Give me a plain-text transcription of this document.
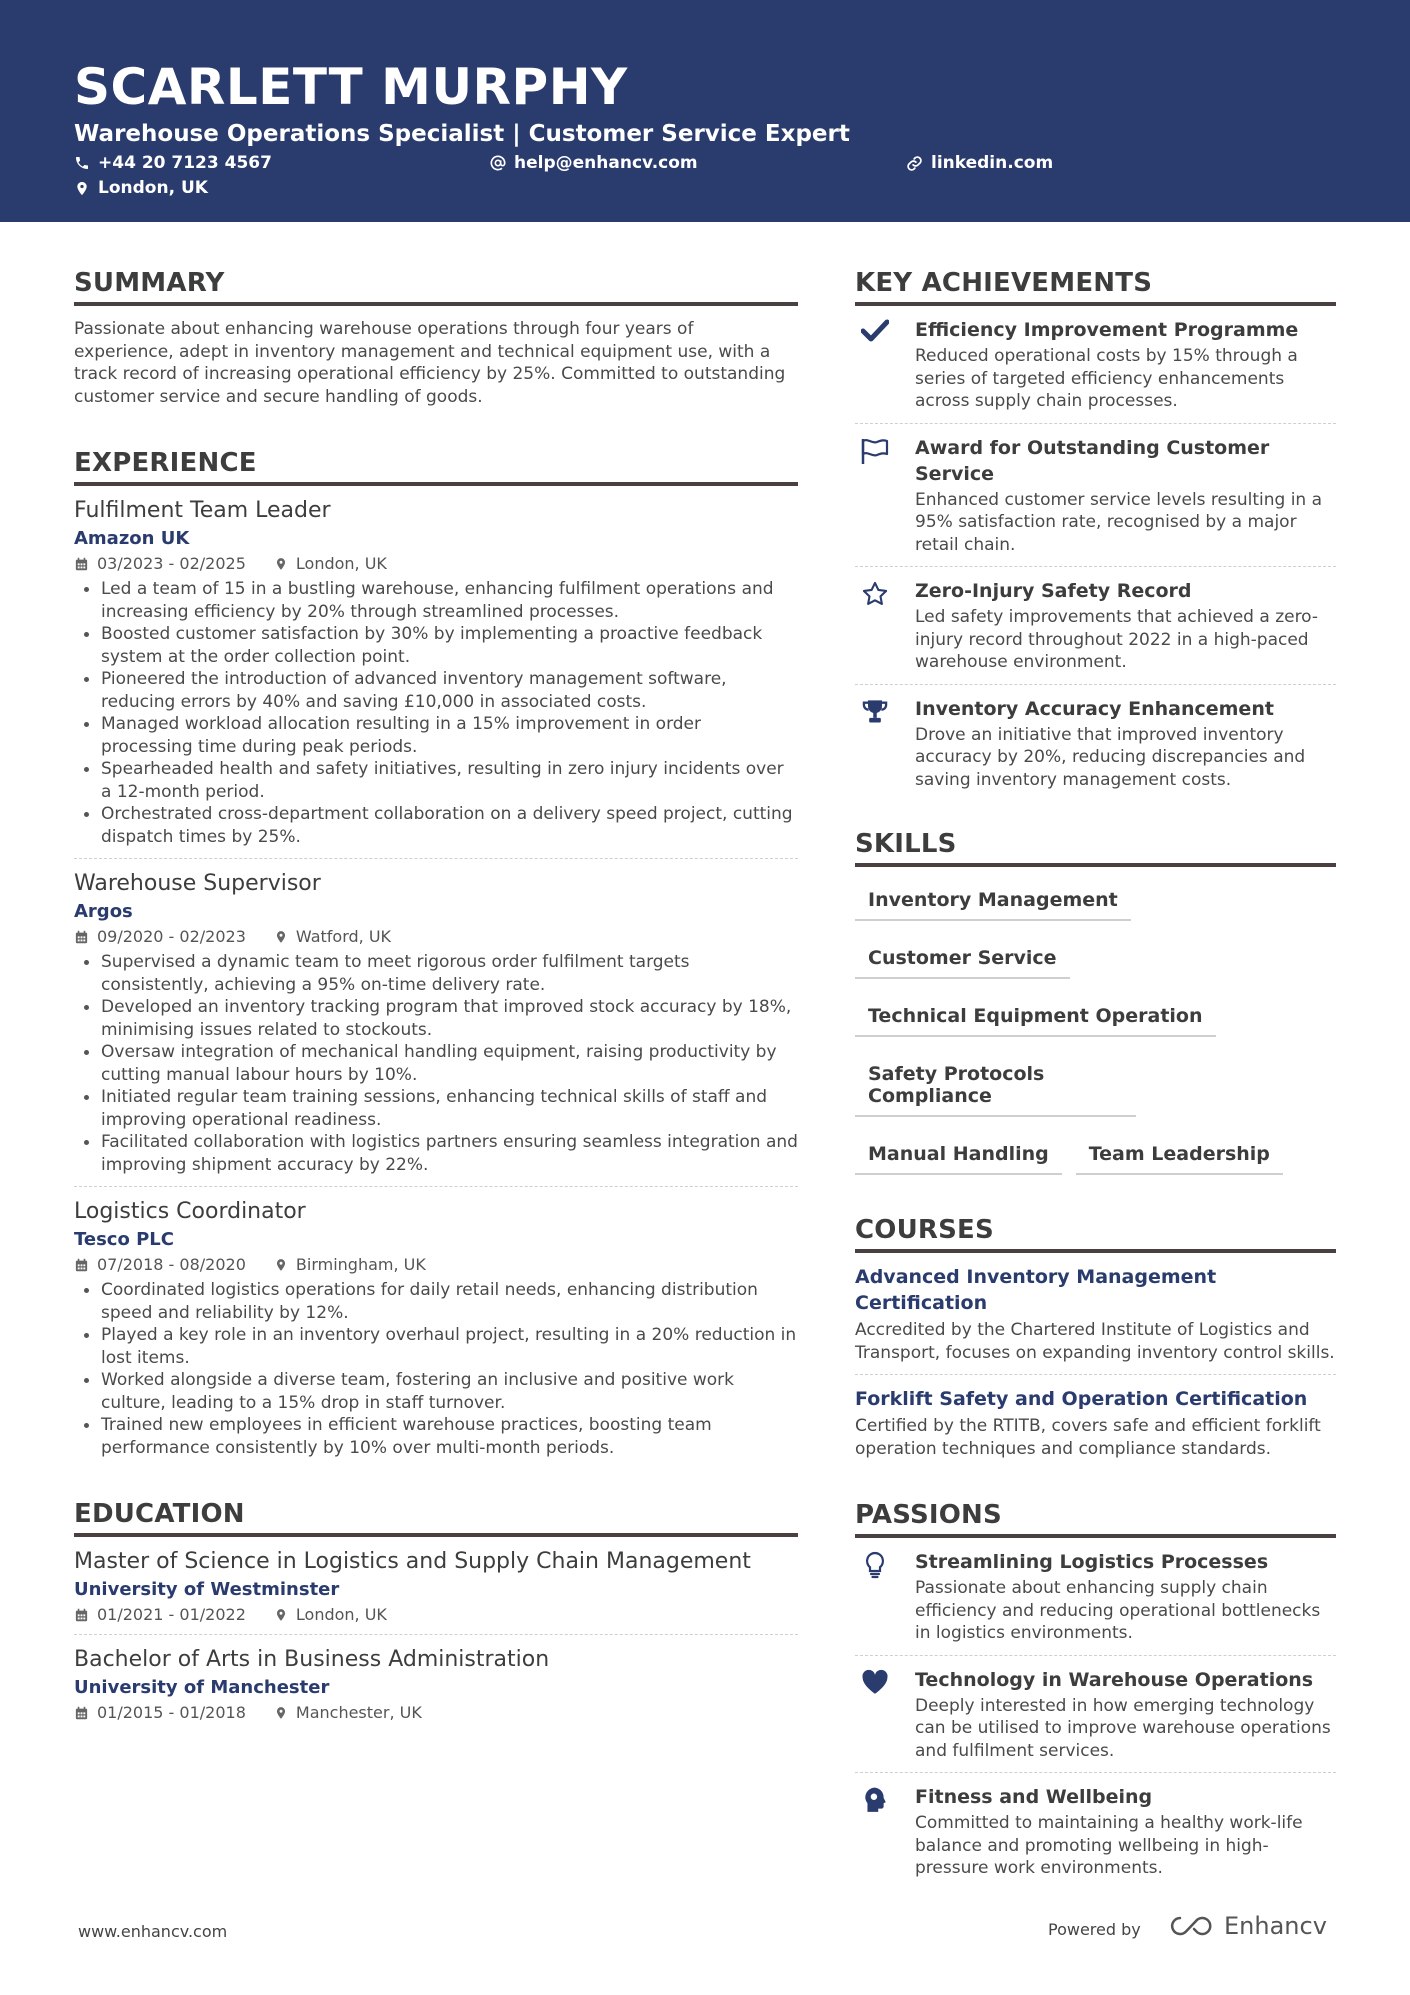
SCARLETT MURPHY
Warehouse Operations Specialist | Customer Service Expert
+44 20 7123 4567	help@enhancv.com	linkedin.com
London, UK
SUMMARY
Passionate about enhancing warehouse operations through four years of experience, adept in inventory management and technical equipment use, with a track record of increasing operational efficiency by 25%. Committed to outstanding customer service and secure handling of goods.
EXPERIENCE
Fulfilment Team Leader
Amazon UK
03/2023 - 02/2025	London, UK
Led a team of 15 in a bustling warehouse, enhancing fulfilment operations and increasing efficiency by 20% through streamlined processes.
Boosted customer satisfaction by 30% by implementing a proactive feedback system at the order collection point.
Pioneered the introduction of advanced inventory management software, reducing errors by 40% and saving £10,000 in associated costs.
Managed workload allocation resulting in a 15% improvement in order processing time during peak periods.
Spearheaded health and safety initiatives, resulting in zero injury incidents over a 12-month period.
Orchestrated cross-department collaboration on a delivery speed project, cutting dispatch times by 25%.
Warehouse Supervisor
Argos
09/2020 - 02/2023	Watford, UK
Supervised a dynamic team to meet rigorous order fulfilment targets consistently, achieving a 95% on-time delivery rate.
Developed an inventory tracking program that improved stock accuracy by 18%, minimising issues related to stockouts.
Oversaw integration of mechanical handling equipment, raising productivity by cutting manual labour hours by 10%.
Initiated regular team training sessions, enhancing technical skills of staff and improving operational readiness.
Facilitated collaboration with logistics partners ensuring seamless integration and improving shipment accuracy by 22%.
Logistics Coordinator
Tesco PLC
07/2018 - 08/2020	Birmingham, UK
Coordinated logistics operations for daily retail needs, enhancing distribution speed and reliability by 12%.
Played a key role in an inventory overhaul project, resulting in a 20% reduction in lost items.
Worked alongside a diverse team, fostering an inclusive and positive work culture, leading to a 15% drop in staff turnover.
Trained new employees in efficient warehouse practices, boosting team performance consistently by 10% over multi-month periods.
EDUCATION
Master of Science in Logistics and Supply Chain Management
University of Westminster
01/2021 - 01/2022	London, UK
Bachelor of Arts in Business Administration
University of Manchester
01/2015 - 01/2018	Manchester, UK
KEY ACHIEVEMENTS
Efficiency Improvement Programme
Reduced operational costs by 15% through a series of targeted efficiency enhancements across supply chain processes.
Award for Outstanding Customer Service
Enhanced customer service levels resulting in a 95% satisfaction rate, recognised by a major retail chain.
Zero-Injury Safety Record
Led safety improvements that achieved a zero-injury record throughout 2022 in a high-paced warehouse environment.
Inventory Accuracy Enhancement
Drove an initiative that improved inventory accuracy by 20%, reducing discrepancies and saving inventory management costs.
SKILLS
Inventory Management
Customer Service
Technical Equipment Operation
Safety Protocols Compliance
Manual Handling	Team Leadership
COURSES
Advanced Inventory Management Certification
Accredited by the Chartered Institute of Logistics and Transport, focuses on expanding inventory control skills.
Forklift Safety and Operation Certification
Certified by the RTITB, covers safe and efficient forklift operation techniques and compliance standards.
PASSIONS
Streamlining Logistics Processes
Passionate about enhancing supply chain efficiency and reducing operational bottlenecks in logistics environments.
Technology in Warehouse Operations
Deeply interested in how emerging technology can be utilised to improve warehouse operations and fulfilment services.
Fitness and Wellbeing
Committed to maintaining a healthy work-life balance and promoting wellbeing in high-pressure work environments.
www.enhancv.com	Powered by	Enhancv
